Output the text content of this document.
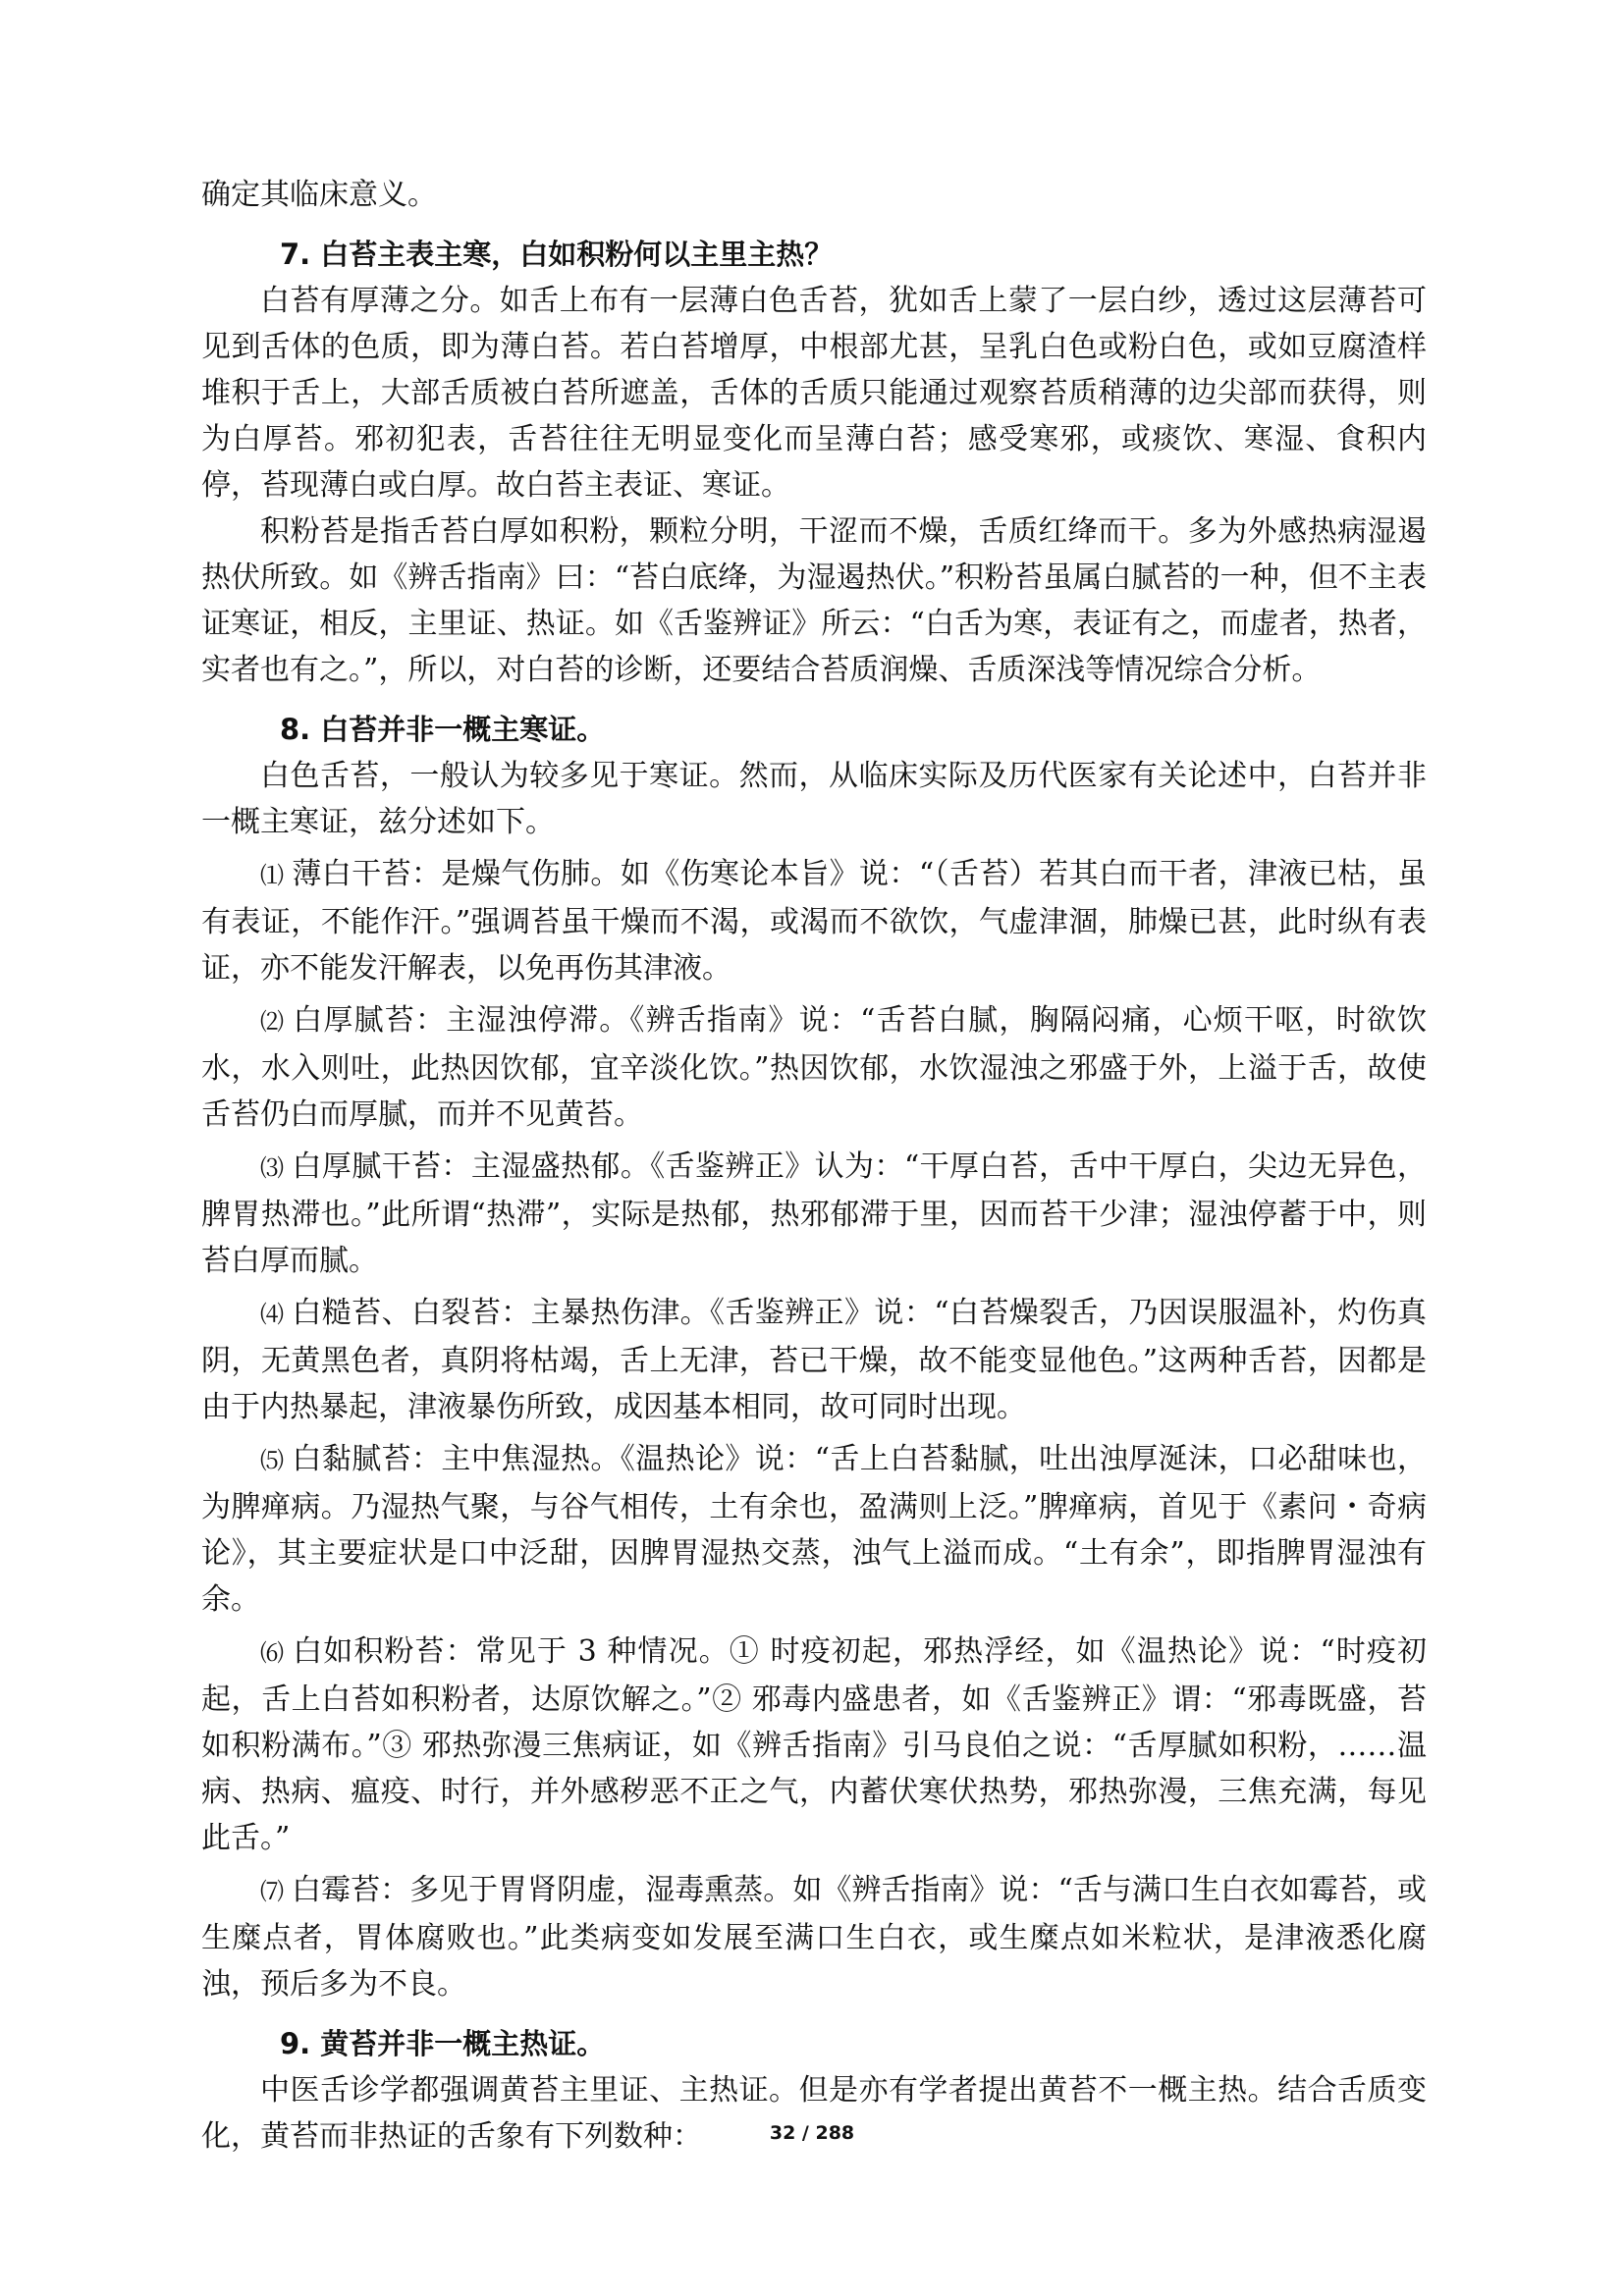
确定其临床意义。

7. 白苔主表主寒，白如积粉何以主里主热？

白苔有厚薄之分。如舌上布有一层薄白色舌苔，犹如舌上蒙了一层白纱，透过这层薄苔可见到舌体的色质，即为薄白苔。若白苔增厚，中根部尤甚，呈乳白色或粉白色，或如豆腐渣样堆积于舌上，大部舌质被白苔所遮盖，舌体的舌质只能通过观察苔质稍薄的边尖部而获得，则为白厚苔。邪初犯表，舌苔往往无明显变化而呈薄白苔；感受寒邪，或痰饮、寒湿、食积内停，苔现薄白或白厚。故白苔主表证、寒证。

积粉苔是指舌苔白厚如积粉，颗粒分明，干涩而不燥，舌质红绛而干。多为外感热病湿遏热伏所致。如《辨舌指南》曰：“苔白底绛，为湿遏热伏。”积粉苔虽属白腻苔的一种，但不主表证寒证，相反，主里证、热证。如《舌鉴辨证》所云：“白舌为寒，表证有之，而虚者，热者，实者也有之。”，所以，对白苔的诊断，还要结合苔质润燥、舌质深浅等情况综合分析。

8. 白苔并非一概主寒证。

白色舌苔，一般认为较多见于寒证。然而，从临床实际及历代医家有关论述中，白苔并非一概主寒证，兹分述如下。

⑴ 薄白干苔：是燥气伤肺。如《伤寒论本旨》说：“（舌苔）若其白而干者，津液已枯，虽有表证，不能作汗。”强调苔虽干燥而不渴，或渴而不欲饮，气虚津涸，肺燥已甚，此时纵有表证，亦不能发汗解表，以免再伤其津液。

⑵ 白厚腻苔：主湿浊停滞。《辨舌指南》说：“舌苔白腻，胸隔闷痛，心烦干呕，时欲饮水，水入则吐，此热因饮郁，宜辛淡化饮。”热因饮郁，水饮湿浊之邪盛于外，上溢于舌，故使舌苔仍白而厚腻，而并不见黄苔。

⑶ 白厚腻干苔：主湿盛热郁。《舌鉴辨正》认为：“干厚白苔，舌中干厚白，尖边无异色，脾胃热滞也。”此所谓“热滞”，实际是热郁，热邪郁滞于里，因而苔干少津；湿浊停蓄于中，则苔白厚而腻。

⑷ 白糙苔、白裂苔：主暴热伤津。《舌鉴辨正》说：“白苔燥裂舌，乃因误服温补，灼伤真阴，无黄黑色者，真阴将枯竭，舌上无津，苔已干燥，故不能变显他色。”这两种舌苔，因都是由于内热暴起，津液暴伤所致，成因基本相同，故可同时出现。

⑸ 白黏腻苔：主中焦湿热。《温热论》说：“舌上白苔黏腻，吐出浊厚涎沫，口必甜味也，为脾瘅病。乃湿热气聚，与谷气相传，土有余也，盈满则上泛。”脾瘅病，首见于《素问・奇病论》，其主要症状是口中泛甜，因脾胃湿热交蒸，浊气上溢而成。“土有余”，即指脾胃湿浊有余。

⑹ 白如积粉苔：常见于 3 种情况。① 时疫初起，邪热浮经，如《温热论》说：“时疫初起，舌上白苔如积粉者，达原饮解之。”② 邪毒内盛患者，如《舌鉴辨正》谓：“邪毒既盛，苔如积粉满布。”③ 邪热弥漫三焦病证，如《辨舌指南》引马良伯之说：“舌厚腻如积粉，……温病、热病、瘟疫、时行，并外感秽恶不正之气，内蓄伏寒伏热势，邪热弥漫，三焦充满，每见此舌。”

⑺ 白霉苔：多见于胃肾阴虚，湿毒熏蒸。如《辨舌指南》说：“舌与满口生白衣如霉苔，或生糜点者，胃体腐败也。”此类病变如发展至满口生白衣，或生糜点如米粒状，是津液悉化腐浊，预后多为不良。

9. 黄苔并非一概主热证。

中医舌诊学都强调黄苔主里证、主热证。但是亦有学者提出黄苔不一概主热。结合舌质变化，黄苔而非热证的舌象有下列数种：	32 / 288
